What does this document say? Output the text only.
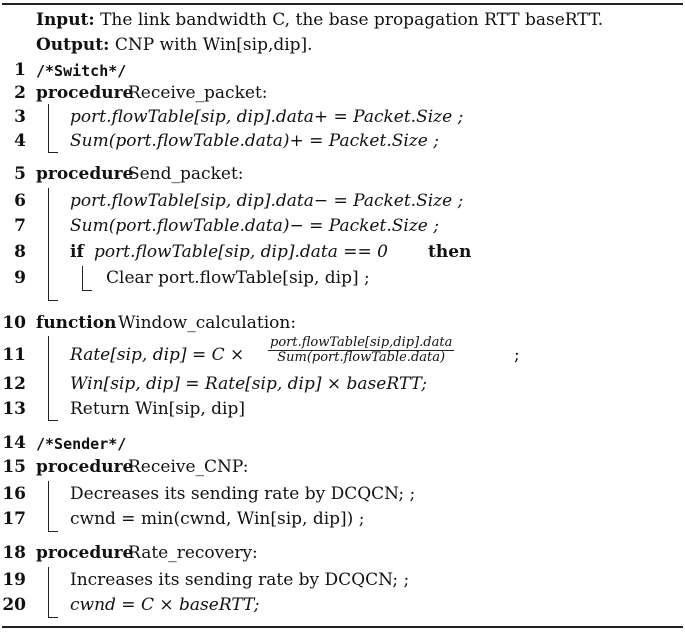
Input: The link bandwidth C, the base propagation RTT baseRTT.
Output: CNP with Win[sip,dip].
1 /*Switch*/
2 procedure
Receive_packet:
3	port.flowTable[sip, dip].data+ = Packet.Size ;
4	Sum(port.flowTable.data)+ = Packet.Size ;
5 procedure
Send_packet:
6	port.flowTable[sip, dip].data− = Packet.Size ;
7	Sum(port.flowTable.data)− = Packet.Size ;
8	if port.flowTable[sip, dip].data == 0 then
9	Clear port.flowTable[sip, dip] ;
10 function Window_calculation:
11	Rate[sip, $dip] = C \times \frac{\text{port.flowTable[sip,dip].data}}{\text{Sum(port.flowTable.data)}}$	;
12	Win[sip, dip] = Rate[sip, dip] × baseRTT;
13	Return Win[sip, dip]
14 /*Sender*/
15 procedure
Receive_CNP:
16	Decreases its sending rate by DCQCN; ;
17	cwnd = min(cwnd, Win[sip, dip]) ;
18 procedure
Rate_recovery:
19	Increases its sending rate by DCQCN; ;
20	cwnd = C × baseRTT;
